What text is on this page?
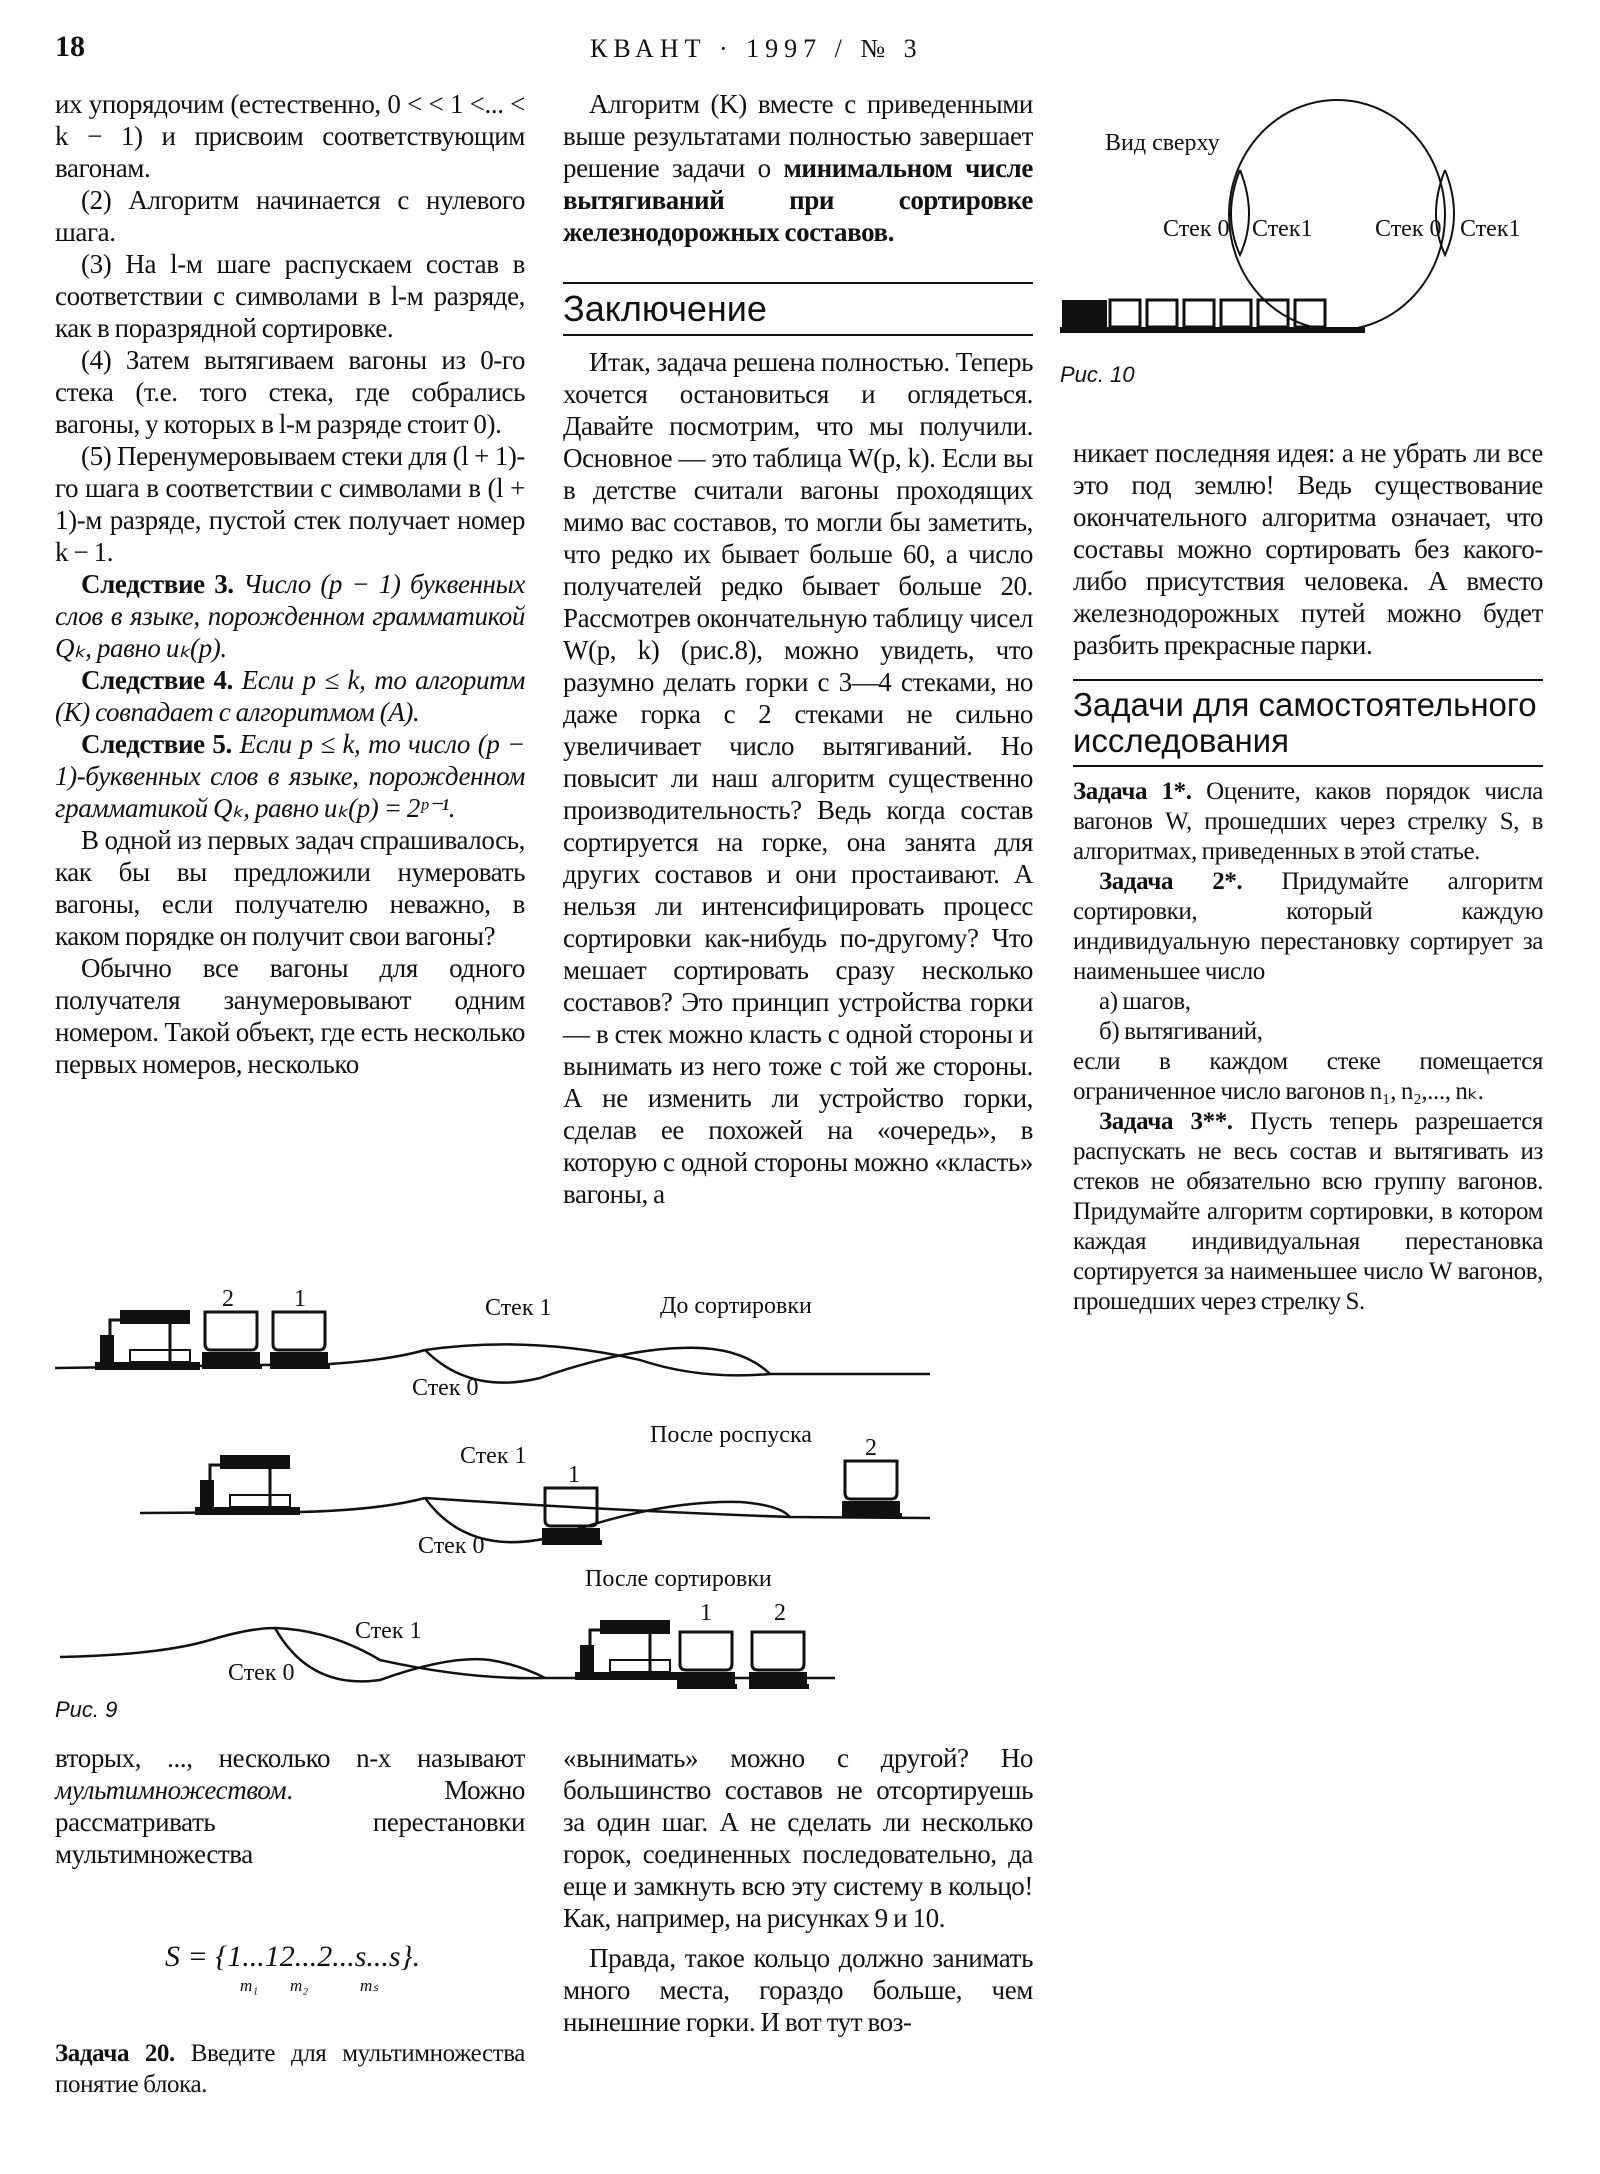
18	КВАНТ · 1997 / № 3

их упорядочим (естественно, 0 < < 1 <... < k − 1) и присвоим соответствующим вагонам.

(2) Алгоритм начинается с нулевого шага.

(3) На l-м шаге распускаем состав в соответствии с символами в l-м разряде, как в поразрядной сортировке.

(4) Затем вытягиваем вагоны из 0-го стека (т.е. того стека, где собрались вагоны, у которых в l-м разряде стоит 0).

(5) Перенумеровываем стеки для (l + 1)-го шага в соответствии с символами в (l + 1)-м разряде, пустой стек получает номер k − 1.

Следствие 3. Число (p − 1) буквенных слов в языке, порожденном грамматикой Qₖ, равно uₖ(p).

Следствие 4. Если p ≤ k, то алгоритм (K) совпадает с алгоритмом (A).

Следствие 5. Если p ≤ k, то число (p − 1)-буквенных слов в языке, порожденном грамматикой Qₖ, равно uₖ(p) = 2ᵖ⁻¹.

В одной из первых задач спрашивалось, как бы вы предложили нумеровать вагоны, если получателю неважно, в каком порядке он получит свои вагоны?

Обычно все вагоны для одного получателя занумеровывают одним номером. Такой объект, где есть несколько первых номеров, несколько

Алгоритм (K) вместе с приведенными выше результатами полностью завершает решение задачи о минимальном числе вытягиваний при сортировке железнодорожных составов.

Заключение

Итак, задача решена полностью. Теперь хочется остановиться и оглядеться. Давайте посмотрим, что мы получили. Основное — это таблица W(p, k). Если вы в детстве считали вагоны проходящих мимо вас составов, то могли бы заметить, что редко их бывает больше 60, а число получателей редко бывает больше 20. Рассмотрев окончательную таблицу чисел W(p, k) (рис.8), можно увидеть, что разумно делать горки с 3—4 стеками, но даже горка с 2 стеками не сильно увеличивает число вытягиваний. Но повысит ли наш алгоритм существенно производительность? Ведь когда состав сортируется на горке, она занята для других составов и они простаивают. А нельзя ли интенсифицировать процесс сортировки как-нибудь по-другому? Что мешает сортировать сразу несколько составов? Это принцип устройства горки — в стек можно класть с одной стороны и вынимать из него тоже с той же стороны. А не изменить ли устройство горки, сделав ее похожей на «очередь», в которую с одной стороны можно «класть» вагоны, а

Вид сверху
Стек 0 Стек1	Стек 0 Стек1
Рис. 10

никает последняя идея: а не убрать ли все это под землю! Ведь существование окончательного алгоритма означает, что составы можно сортировать без какого-либо присутствия человека. А вместо железнодорожных путей можно будет разбить прекрасные парки.

Задачи для самостоятельного исследования

Задача 1*. Оцените, каков порядок числа вагонов W, прошедших через стрелку S, в алгоритмах, приведенных в этой статье.

Задача 2*. Придумайте алгоритм сортировки, который каждую индивидуальную перестановку сортирует за наименьшее число

а) шагов,

б) вытягиваний,

если в каждом стеке помещается ограниченное число вагонов n₁, n₂,..., nₖ.

Задача 3**. Пусть теперь разрешается распускать не весь состав и вытягивать из стеков не обязательно всю группу вагонов. Придумайте алгоритм сортировки, в котором каждая индивидуальная перестановка сортируется за наименьшее число W вагонов, прошедших через стрелку S.

2	1	Стек 1	До сортировки
Стек 0
1
2
После роспуска
Стек 1
Стек 0
1	2
После сортировки
Стек 1
Стек 0
Рис. 9

вторых, ..., несколько n-х называют мультимножеством. Можно рассматривать перестановки мультимножества

S = {1...12...2...s...s}.
m₁ m₂	mₛ

Задача 20. Введите для мультимножества понятие блока.

«вынимать» можно с другой? Но большинство составов не отсортируешь за один шаг. А не сделать ли несколько горок, соединенных последовательно, да еще и замкнуть всю эту систему в кольцо! Как, например, на рисунках 9 и 10.

Правда, такое кольцо должно занимать много места, гораздо больше, чем нынешние горки. И вот тут воз-
